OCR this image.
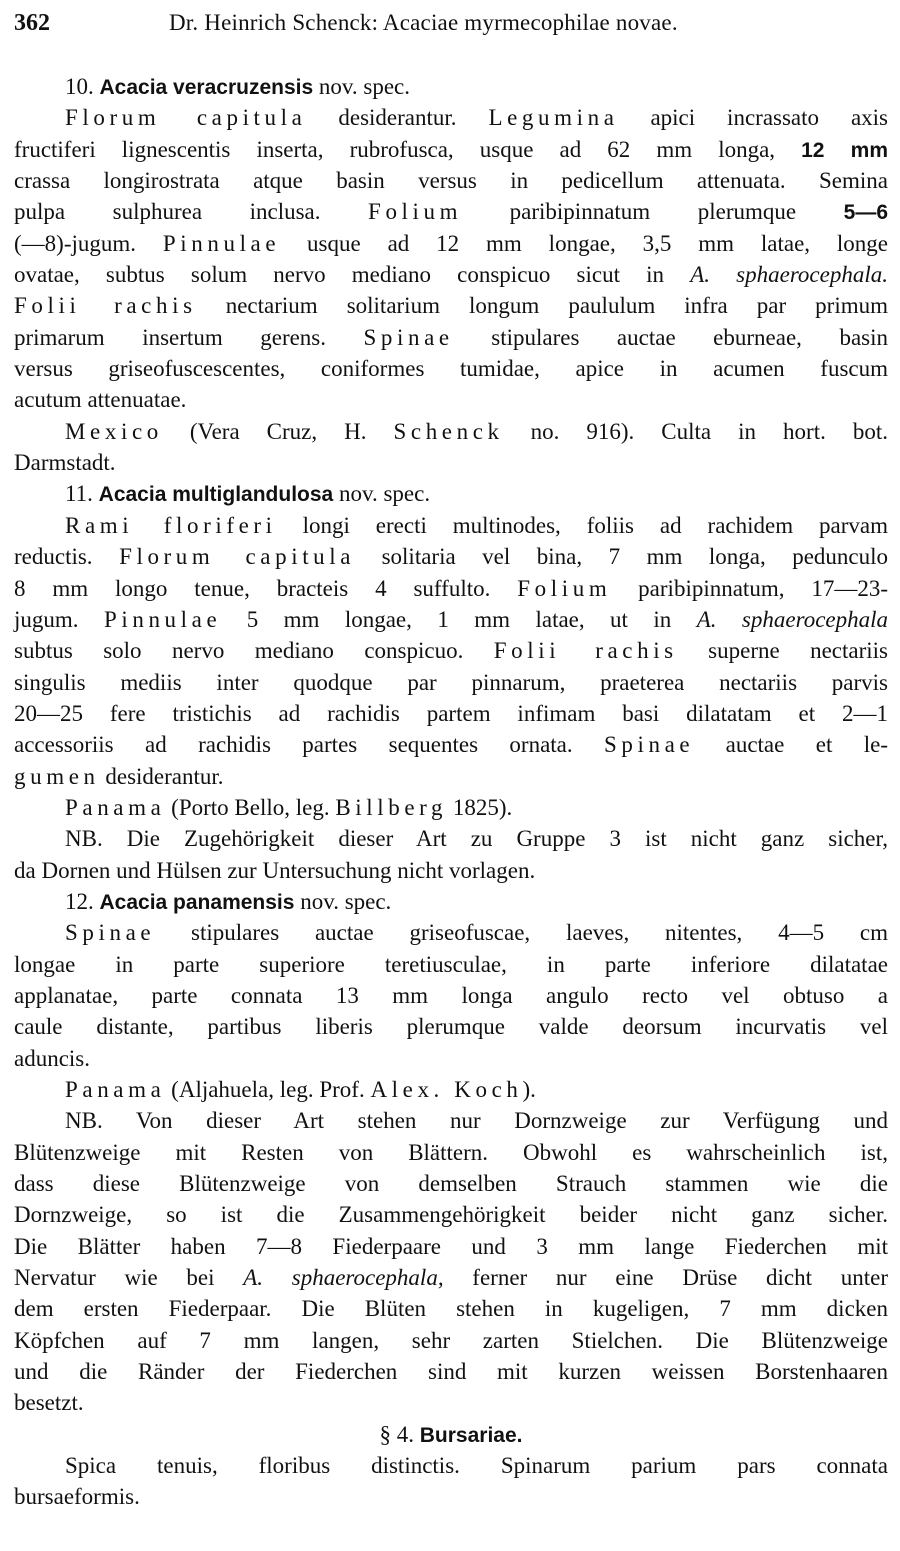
362	Dr. Heinrich Schenck: Acaciae myrmecophilae novae.
10. Acacia veracruzensis nov. spec.
Florum capitula desiderantur. Legumina apici incrassato axis
fructiferi lignescentis inserta, rubrofusca, usque ad 62 mm longa, 12 mm
crassa longirostrata atque basin versus in pedicellum attenuata. Semina
pulpa sulphurea inclusa. Folium paribipinnatum plerumque 5—6
(—8)-jugum. Pinnulae usque ad 12 mm longae, 3,5 mm latae, longe
ovatae, subtus solum nervo mediano conspicuo sicut in A. sphaerocephala.
Folii rachis nectarium solitarium longum paululum infra par primum
primarum insertum gerens. Spinae stipulares auctae eburneae, basin
versus griseofuscescentes, coniformes tumidae, apice in acumen fuscum
acutum attenuatae.
Mexico (Vera Cruz, H. Schenck no. 916). Culta in hort. bot.
Darmstadt.
11. Acacia multiglandulosa nov. spec.
Rami floriferi longi erecti multinodes, foliis ad rachidem parvam
reductis. Florum capitula solitaria vel bina, 7 mm longa, pedunculo
8 mm longo tenue, bracteis 4 suffulto. Folium paribipinnatum, 17—23-
jugum. Pinnulae 5 mm longae, 1 mm latae, ut in A. sphaerocephala
subtus solo nervo mediano conspicuo. Folii rachis superne nectariis
singulis mediis inter quodque par pinnarum, praeterea nectariis parvis
20—25 fere tristichis ad rachidis partem infimam basi dilatatam et 2—1
accessoriis ad rachidis partes sequentes ornata. Spinae auctae et le-
gumen desiderantur.
Panama (Porto Bello, leg. Billberg 1825).
NB. Die Zugehörigkeit dieser Art zu Gruppe 3 ist nicht ganz sicher,
da Dornen und Hülsen zur Untersuchung nicht vorlagen.
12. Acacia panamensis nov. spec.
Spinae stipulares auctae griseofuscae, laeves, nitentes, 4—5 cm
longae in parte superiore teretiusculae, in parte inferiore dilatatae
applanatae, parte connata 13 mm longa angulo recto vel obtuso a
caule distante, partibus liberis plerumque valde deorsum incurvatis vel
aduncis.
Panama (Aljahuela, leg. Prof. Alex. Koch).
NB. Von dieser Art stehen nur Dornzweige zur Verfügung und
Blütenzweige mit Resten von Blättern. Obwohl es wahrscheinlich ist,
dass diese Blütenzweige von demselben Strauch stammen wie die
Dornzweige, so ist die Zusammengehörigkeit beider nicht ganz sicher.
Die Blätter haben 7—8 Fiederpaare und 3 mm lange Fiederchen mit
Nervatur wie bei A. sphaerocephala, ferner nur eine Drüse dicht unter
dem ersten Fiederpaar. Die Blüten stehen in kugeligen, 7 mm dicken
Köpfchen auf 7 mm langen, sehr zarten Stielchen. Die Blütenzweige
und die Ränder der Fiederchen sind mit kurzen weissen Borstenhaaren
besetzt.
§ 4. Bursariae.
Spica tenuis, floribus distinctis. Spinarum parium pars connata
bursaeformis.
